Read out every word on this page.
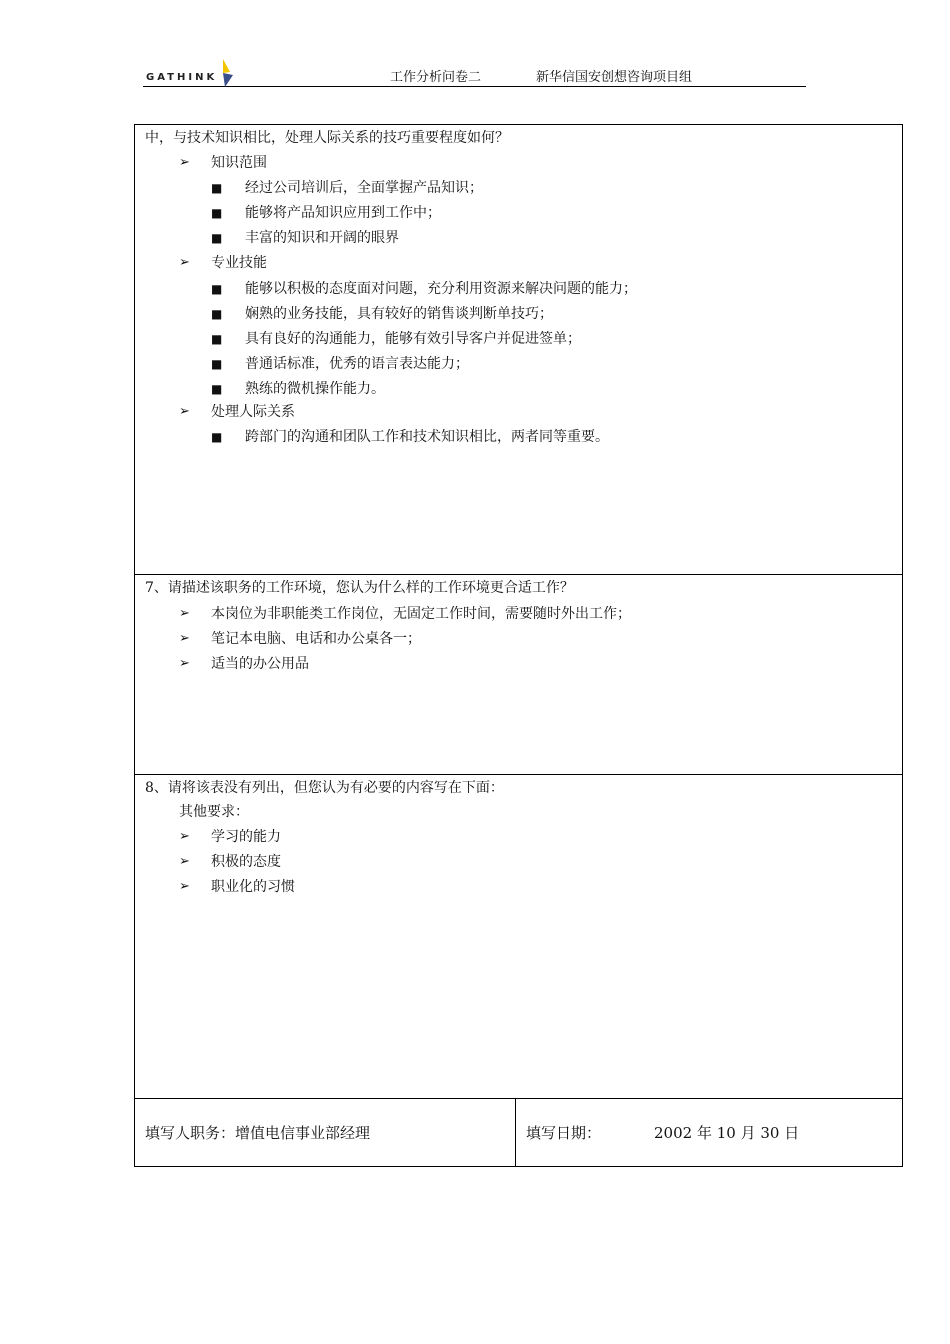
GATHINK	工作分析问卷二	新华信国安创想咨询项目组
中，与技术知识相比，处理人际关系的技巧重要程度如何？
➢ 知识范围
■ 经过公司培训后，全面掌握产品知识；
■ 能够将产品知识应用到工作中；
■ 丰富的知识和开阔的眼界
➢ 专业技能
■ 能够以积极的态度面对问题，充分利用资源来解决问题的能力；
■ 娴熟的业务技能，具有较好的销售谈判断单技巧；
■ 具有良好的沟通能力，能够有效引导客户并促进签单；
■ 普通话标准，优秀的语言表达能力；
■ 熟练的微机操作能力。
➢ 处理人际关系
■ 跨部门的沟通和团队工作和技术知识相比，两者同等重要。
7、请描述该职务的工作环境，您认为什么样的工作环境更合适工作？
➢ 本岗位为非职能类工作岗位，无固定工作时间，需要随时外出工作；
➢ 笔记本电脑、电话和办公桌各一；
➢ 适当的办公用品
8、请将该表没有列出，但您认为有必要的内容写在下面：
其他要求：
➢ 学习的能力
➢ 积极的态度
➢ 职业化的习惯
填写人职务：增值电信事业部经理	填写日期：	2002 年 10 月 30 日
